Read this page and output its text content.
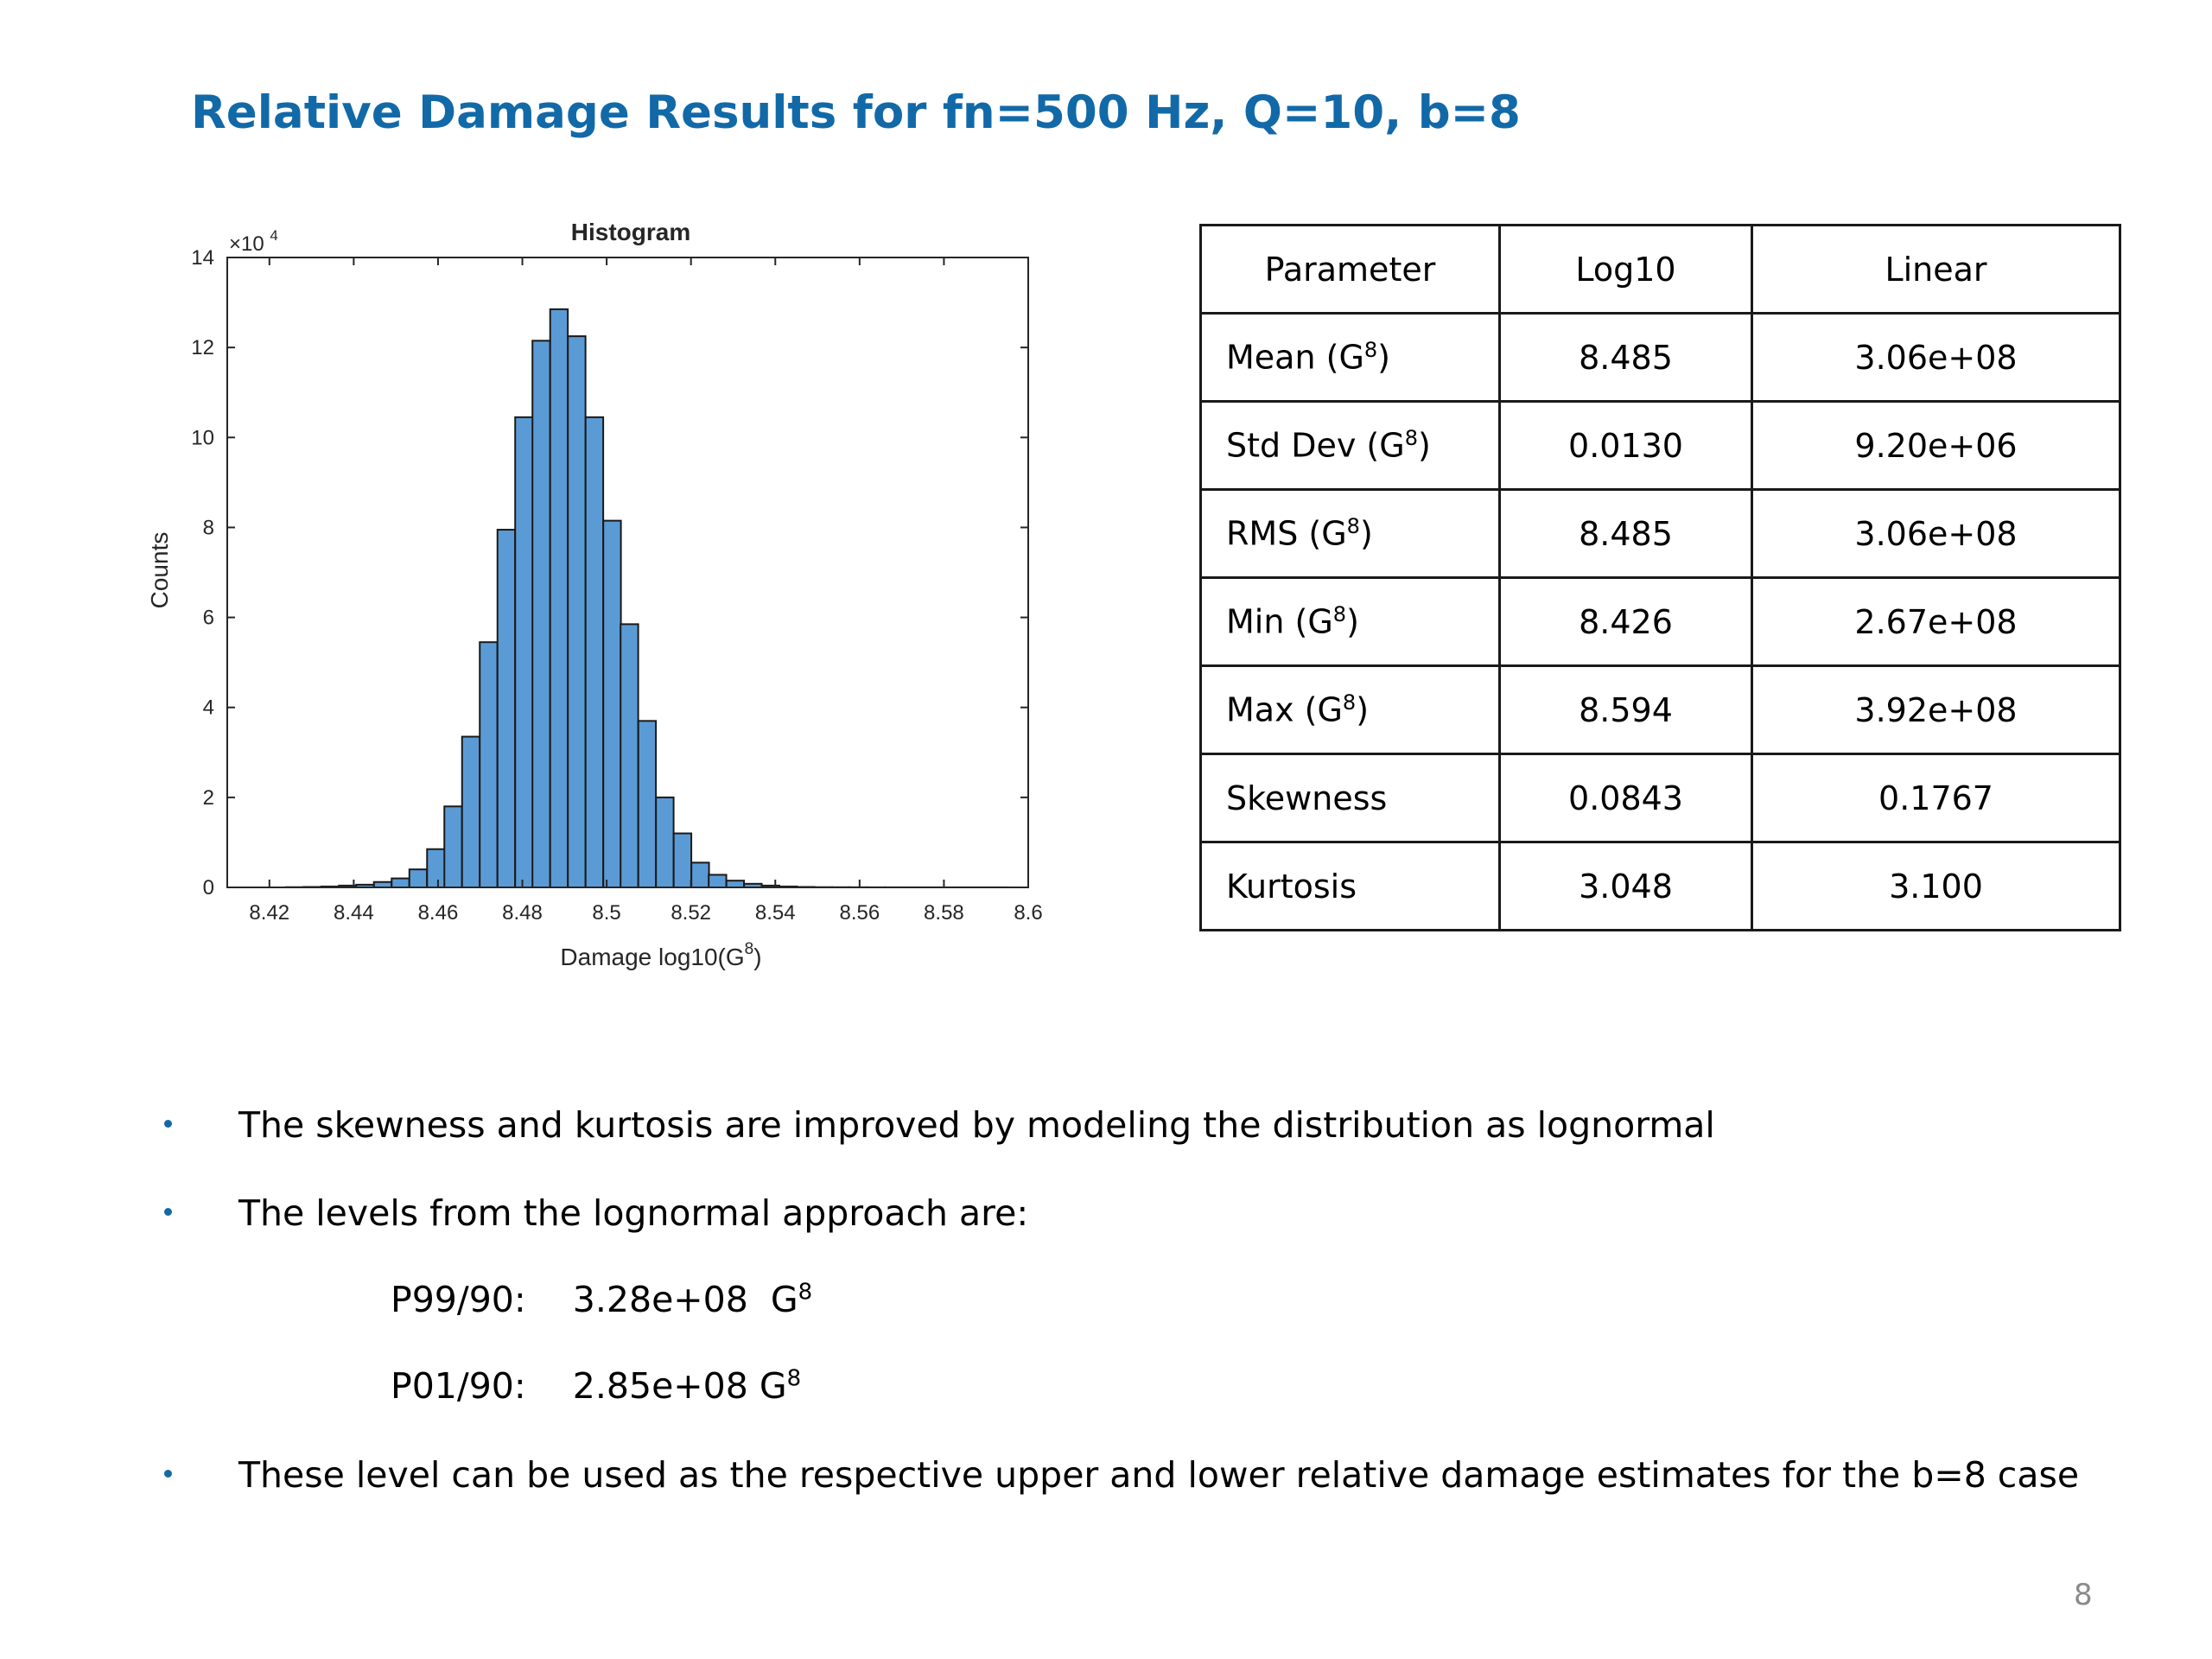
Relative Damage Results for fn=500 Hz, Q=10, b=8
Histogram
×10 $^4$
8.42 8.44 8.46 8.48 8.5 8.52 8.54 8.56 8.58 8.6
0
2
4
6
8
10
12
14
Counts
Damage $\log 10(G^8)$
Parameter	Log10	Linear
Mean $(G^8)$	8.485	3.06e+08
Std Dev $(G^8)$	0.0130	9.20e+06
RMS $(G^8)$	8.485	3.06e+08
Min $(G^8)$	8.426	2.67e+08
Max $(G^8)$	8.594	3.92e+08
Skewness	0.0843	0.1767
Kurtosis	3.048	3.100
The skewness and kurtosis are improved by modeling the distribution as lognormal
The levels from the lognormal approach are:
P99/90: 3.28e+08  $G^8$
P01/90: 2.85e+08 $G^8$
These level can be used as the respective upper and lower relative damage estimates for the b=8 case
8
